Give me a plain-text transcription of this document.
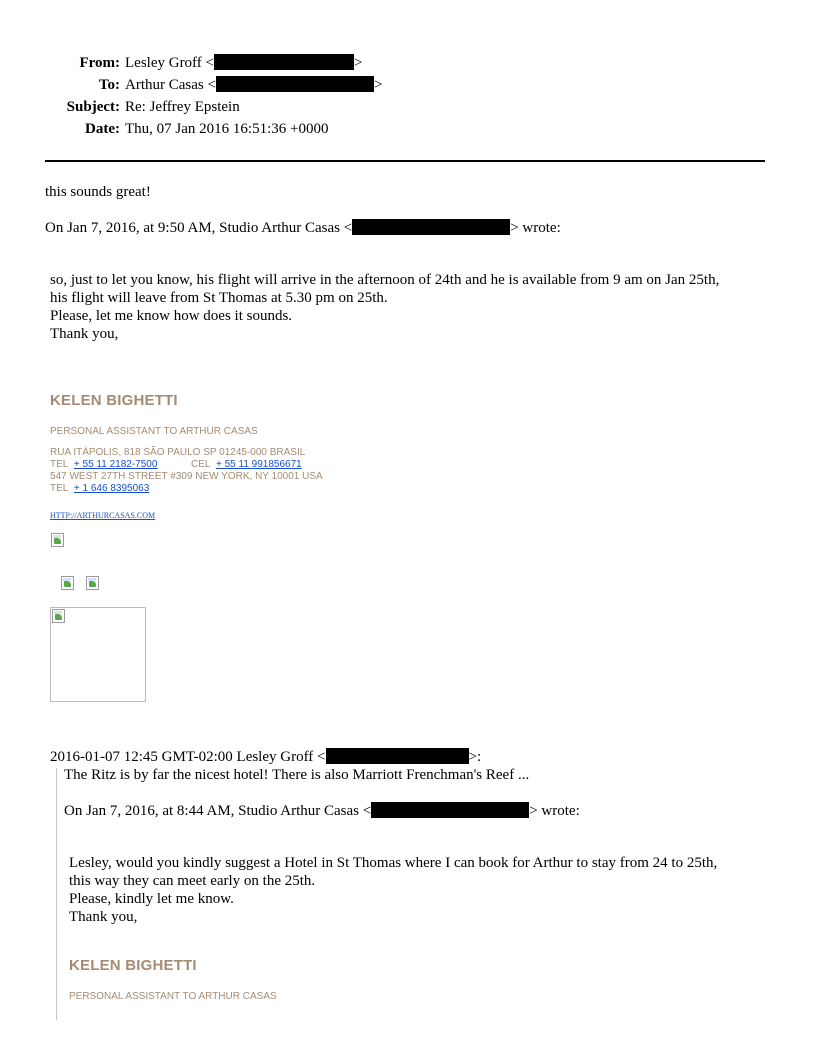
From: Lesley Groff <	>
To: Arthur Casas <	>
Subject: Re: Jeffrey Epstein
Date: Thu, 07 Jan 2016 16:51:36 +0000

this sounds great!

On Jan 7, 2016, at 9:50 AM, Studio Arthur Casas <	> wrote:

so, just to let you know, his flight will arrive in the afternoon of 24th and he is available from 9 am on Jan 25th,

his flight will leave from St Thomas at 5.30 pm on 25th.

Please, let me know how does it sounds.

Thank you,

KELEN BIGHETTI
PERSONAL ASSISTANT TO ARTHUR CASAS
RUA ITÁPOLIS, 818 SÃO PAULO SP 01245-000 BRASIL
TEL + 55 11 2182-7500	CEL + 55 11 991856671
547 WEST 27TH STREET #309 NEW YORK, NY 10001 USA
TEL + 1 646 8395063
HTTP://ARTHURCASAS.COM

2016-01-07 12:45 GMT-02:00 Lesley Groff <	>:

The Ritz is by far the nicest hotel! There is also Marriott Frenchman's Reef ...

On Jan 7, 2016, at 8:44 AM, Studio Arthur Casas <	> wrote:

Lesley, would you kindly suggest a Hotel in St Thomas where I can book for Arthur to stay from 24 to 25th,

this way they can meet early on the 25th.

Please, kindly let me know.

Thank you,

KELEN BIGHETTI
PERSONAL ASSISTANT TO ARTHUR CASAS
